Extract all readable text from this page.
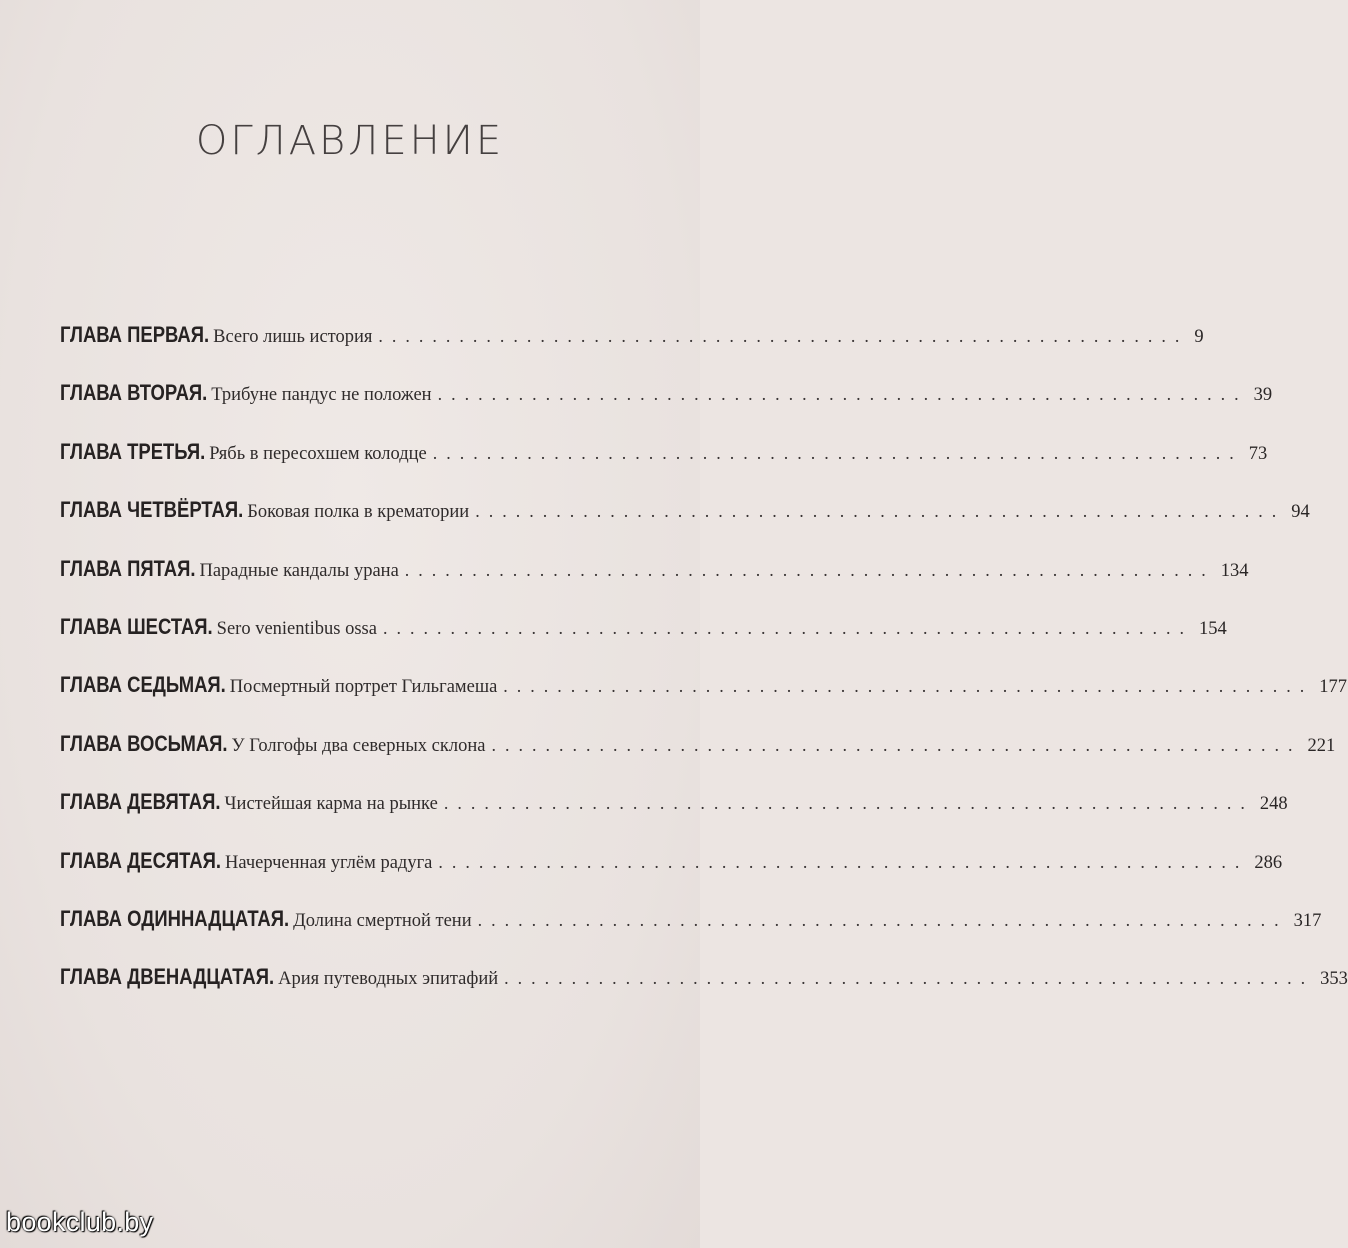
ОГЛАВЛЕНИЕ
ГЛАВА ПЕРВАЯ. Всего лишь история ............................................................ 9
ГЛАВА ВТОРАЯ. Трибуне пандус не положен ............................................................ 39
ГЛАВА ТРЕТЬЯ. Рябь в пересохшем колодце ............................................................ 73
ГЛАВА ЧЕТВЁРТАЯ. Боковая полка в крематории ............................................................ 94
ГЛАВА ПЯТАЯ. Парадные кандалы урана ............................................................ 134
ГЛАВА ШЕСТАЯ. Sero venientibus ossa ............................................................ 154
ГЛАВА СЕДЬМАЯ. Посмертный портрет Гильгамеша ............................................................ 177
ГЛАВА ВОСЬМАЯ. У Голгофы два северных склона ............................................................ 221
ГЛАВА ДЕВЯТАЯ. Чистейшая карма на рынке ............................................................ 248
ГЛАВА ДЕСЯТАЯ. Начерченная углём радуга ............................................................ 286
ГЛАВА ОДИННАДЦАТАЯ. Долина смертной тени ............................................................ 317
ГЛАВА ДВЕНАДЦАТАЯ. Ария путеводных эпитафий ............................................................ 353
bookclub.by
